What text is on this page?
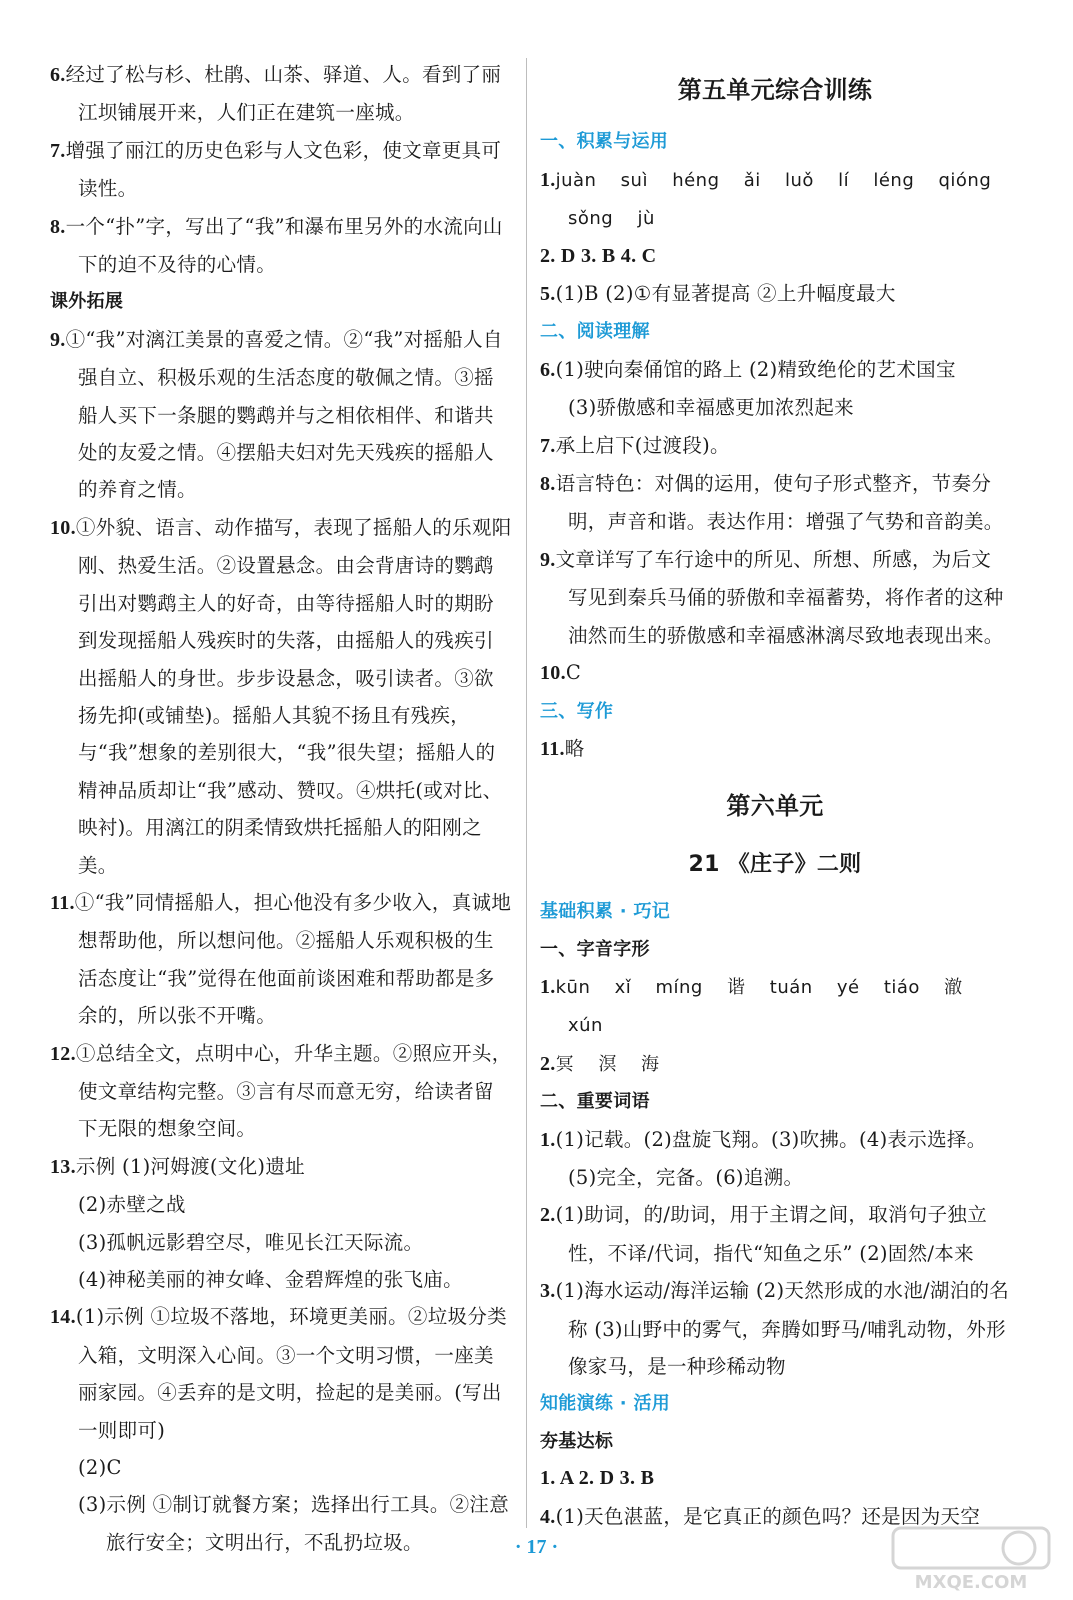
6.经过了松与杉、杜鹃、山茶、驿道、人。看到了丽江坝铺展开来，人们正在建筑一座城。

7.增强了丽江的历史色彩与人文色彩，使文章更具可读性。

8.一个“扑”字，写出了“我”和瀑布里另外的水流向山下的迫不及待的心情。

课外拓展

9.①“我”对漓江美景的喜爱之情。②“我”对摇船人自强自立、积极乐观的生活态度的敬佩之情。③摇船人买下一条腿的鹦鹉并与之相依相伴、和谐共处的友爱之情。④摆船夫妇对先天残疾的摇船人的养育之情。

10.①外貌、语言、动作描写，表现了摇船人的乐观阳刚、热爱生活。②设置悬念。由会背唐诗的鹦鹉引出对鹦鹉主人的好奇，由等待摇船人时的期盼到发现摇船人残疾时的失落，由摇船人的残疾引出摇船人的身世。步步设悬念，吸引读者。③欲扬先抑(或铺垫)。摇船人其貌不扬且有残疾，与“我”想象的差别很大，“我”很失望；摇船人的精神品质却让“我”感动、赞叹。④烘托(或对比、映衬)。用漓江的阴柔情致烘托摇船人的阳刚之美。

11.①“我”同情摇船人，担心他没有多少收入，真诚地想帮助他，所以想问他。②摇船人乐观积极的生活态度让“我”觉得在他面前谈困难和帮助都是多余的，所以张不开嘴。

12.①总结全文，点明中心，升华主题。②照应开头，使文章结构完整。③言有尽而意无穷，给读者留下无限的想象空间。

13.示例 (1)河姆渡(文化)遗址

(2)赤壁之战

(3)孤帆远影碧空尽，唯见长江天际流。

(4)神秘美丽的神女峰、金碧辉煌的张飞庙。

14.(1)示例 ①垃圾不落地，环境更美丽。②垃圾分类入箱，文明深入心间。③一个文明习惯，一座美丽家园。④丢弃的是文明，捡起的是美丽。(写出一则即可)

(2)C

(3)示例 ①制订就餐方案；选择出行工具。②注意旅行安全；文明出行，不乱扔垃圾。

第五单元综合训练

一、积累与运用

1.juàn suì héng ǎi luǒ lí léng qióng

sǒng jù

2. D 3. B 4. C

5.(1)B (2)①有显著提高 ②上升幅度最大

二、阅读理解

6.(1)驶向秦俑馆的路上 (2)精致绝伦的艺术国宝

(3)骄傲感和幸福感更加浓烈起来

7.承上启下(过渡段)。

8.语言特色：对偶的运用，使句子形式整齐，节奏分明，声音和谐。表达作用：增强了气势和音韵美。

9.文章详写了车行途中的所见、所想、所感，为后文写见到秦兵马俑的骄傲和幸福蓄势，将作者的这种油然而生的骄傲感和幸福感淋漓尽致地表现出来。

10.C

三、写作

11.略

第六单元

21 《庄子》二则

基础积累 · 巧记

一、字音字形

1.kūn xǐ míng 谐 tuán yé tiáo 澈 xún

2.冥 溟 海

二、重要词语

1.(1)记载。(2)盘旋飞翔。(3)吹拂。(4)表示选择。(5)完全，完备。(6)追溯。

2.(1)助词，的/助词，用于主谓之间，取消句子独立性，不译/代词，指代“知鱼之乐” (2)固然/本来

3.(1)海水运动/海洋运输 (2)天然形成的水池/湖泊的名称 (3)山野中的雾气，奔腾如野马/哺乳动物，外形像家马，是一种珍稀动物

知能演练 · 活用

夯基达标

1. A 2. D 3. B

4.(1)天色湛蓝，是它真正的颜色吗？还是因为天空

· 17 ·
MXQE.COM
